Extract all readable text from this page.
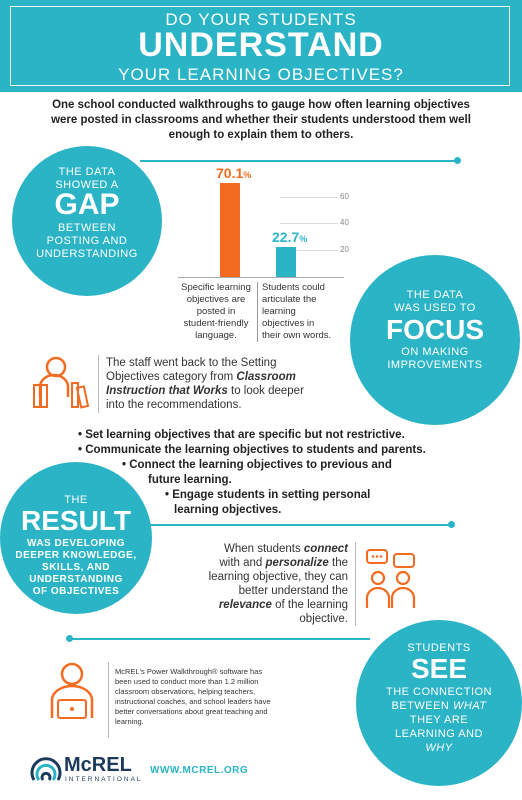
DO YOUR STUDENTS
UNDERSTAND
YOUR LEARNING OBJECTIVES?
One school conducted walkthroughs to gauge how often learning objectives were posted in classrooms and whether their students understood them well enough to explain them to others.
THE DATA
SHOWED A
GAP
BETWEEN
POSTING AND
UNDERSTANDING
60
40
20
70.1%
22.7%
Specific learning
objectives are
posted in
student-friendly
language.
Students could
articulate the
learning
objectives in
their own words.
THE DATA
WAS USED TO
FOCUS
ON MAKING
IMPROVEMENTS
The staff went back to the Setting
Objectives category from Classroom
Instruction that Works to look deeper
into the recommendations.
• Set learning objectives that are specific but not restrictive.
• Communicate the learning objectives to students and parents.
• Connect the learning objectives to previous and
future learning.
• Engage students in setting personal
learning objectives.
THE
RESULT
WAS DEVELOPING
DEEPER KNOWLEDGE,
SKILLS, AND
UNDERSTANDING
OF OBJECTIVES
When students connect
with and personalize the
learning objective, they can
better understand the
relevance of the learning
objective.
STUDENTS
SEE
THE CONNECTION
BETWEEN WHAT
THEY ARE
LEARNING AND
WHY
McREL's Power Walkthrough® software has
been used to conduct more than 1.2 million
classroom observations, helping teachers,
instructional coaches, and school leaders have
better conversations about great teaching and
learning.
McREL
INTERNATIONAL
WWW.MCREL.ORG
